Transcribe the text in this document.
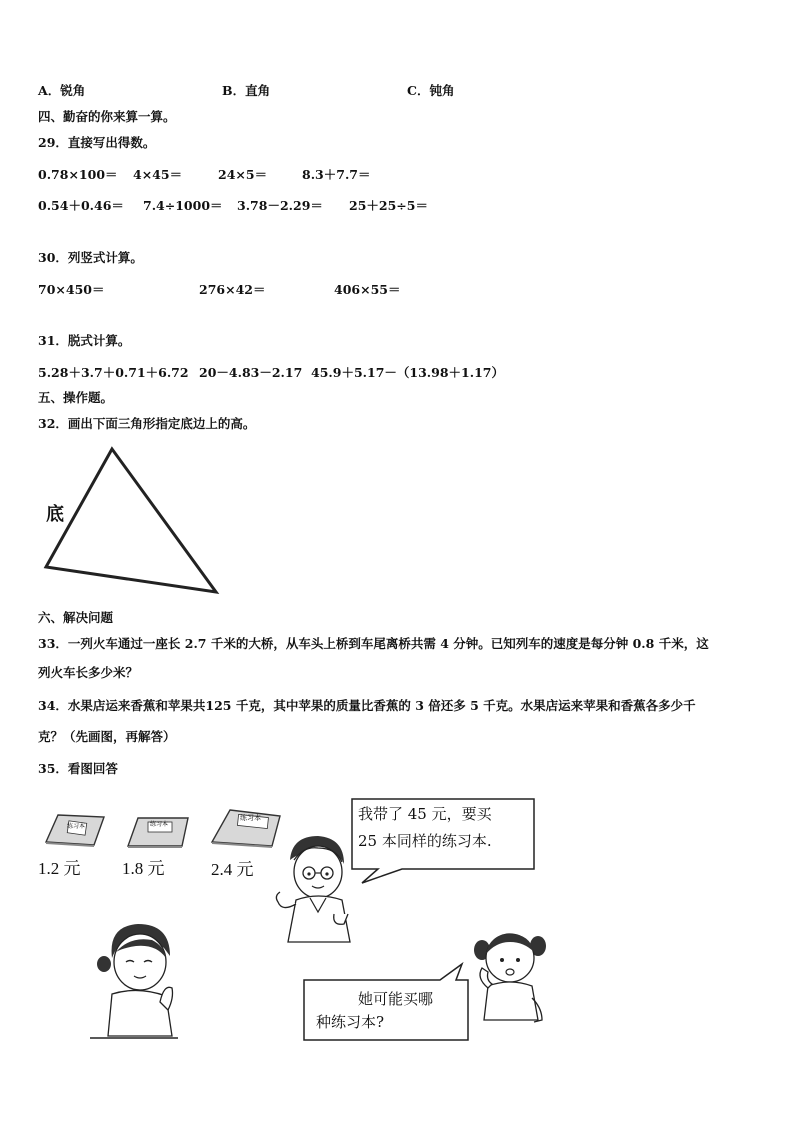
A．锐角	B．直角	C．钝角
四、勤奋的你来算一算。
29．直接写出得数。
0.78×100＝ 4×45＝	24×5＝	8.3＋7.7＝
0.54＋0.46＝ 7.4÷1000＝ 3.78－2.29＝ 25＋25÷5＝
30．列竖式计算。
70×450＝	276×42＝	406×55＝
31．脱式计算。
5.28＋3.7＋0.71＋6.72 20－4.83－2.17 45.9＋5.17－（13.98＋1.17）
五、操作题。
32．画出下面三角形指定底边上的高。
底
六、解决问题
33．一列火车通过一座长 2.7 千米的大桥，从车头上桥到车尾离桥共需 4 分钟。已知列车的速度是每分钟 0.8 千米，这
列火车长多少米？
34．水果店运来香蕉和苹果共125 千克，其中苹果的质量比香蕉的 3 倍还多 5 千克。水果店运来苹果和香蕉各多少千
克？（先画图，再解答）
35．看图回答
练习本	练习本
练习本
1.2 元 1.8 元	2.4 元
我带了 45 元，要买
25 本同样的练习本.
她可能买哪
种练习本?
